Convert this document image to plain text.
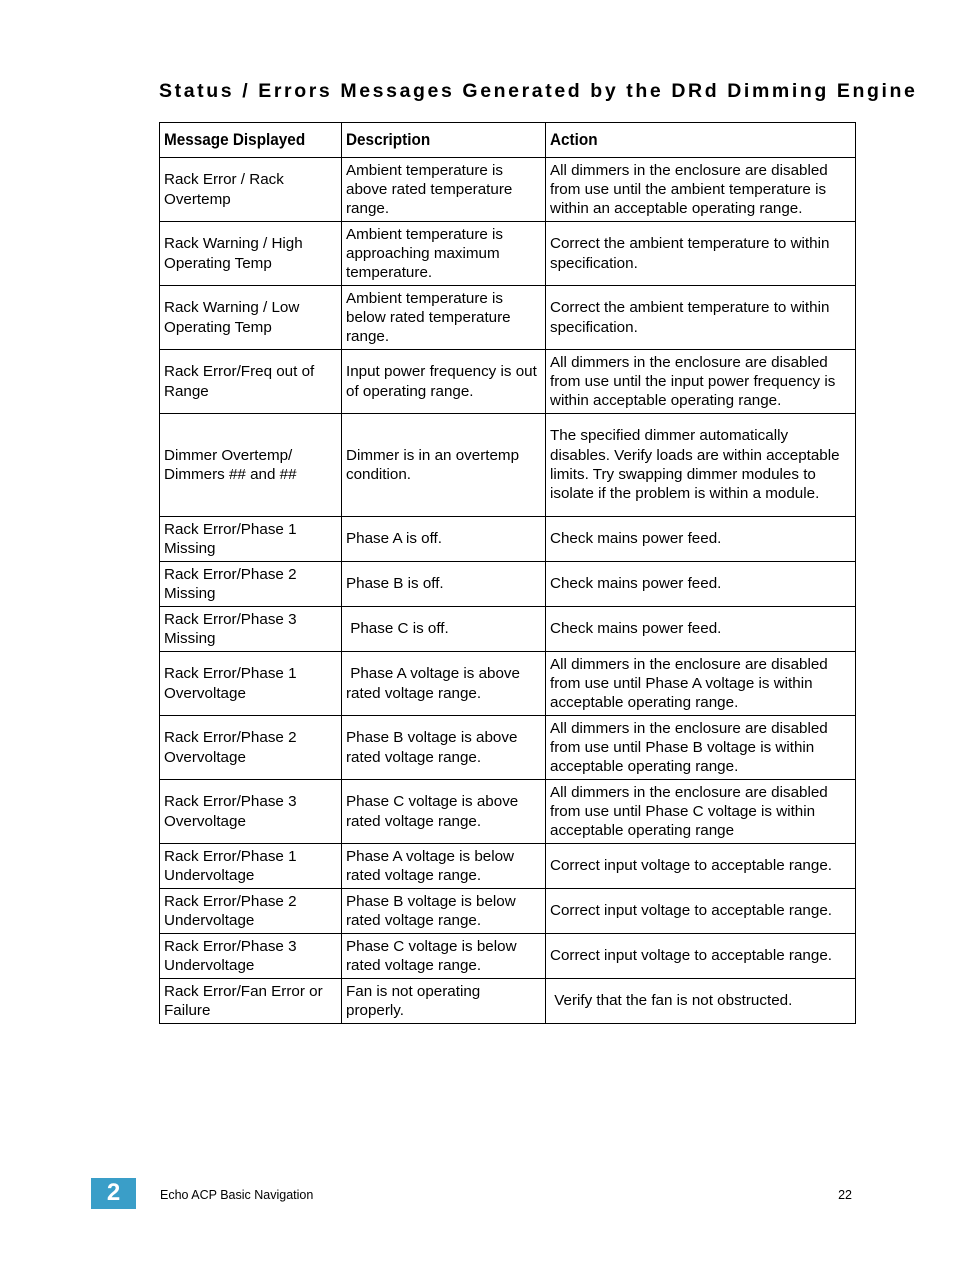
Status / Errors Messages Generated by the DRd Dimming Engine
Message Displayed	Description	Action
Rack Error / Rack Overtemp	Ambient temperature is above rated temperature range.	All dimmers in the enclosure are disabled from use until the ambient temperature is within an acceptable operating range.
Rack Warning / High Operating Temp	Ambient temperature is approaching maximum temperature.	Correct the ambient temperature to within specification.
Rack Warning / Low Operating Temp	Ambient temperature is below rated temperature range.	Correct the ambient temperature to within specification.
Rack Error/Freq out of Range	Input power frequency is out of operating range.	All dimmers in the enclosure are disabled from use until the input power frequency is within acceptable operating range.
Dimmer Overtemp/ Dimmers ## and ##	Dimmer is in an overtemp condition.	The specified dimmer automatically disables. Verify loads are within acceptable limits. Try swapping dimmer modules to isolate if the problem is within a module.
Rack Error/Phase 1 Missing	Phase A is off.	Check mains power feed.
Rack Error/Phase 2 Missing	Phase B is off.	Check mains power feed.
Rack Error/Phase 3 Missing	Phase C is off.	Check mains power feed.
Rack Error/Phase 1 Overvoltage	Phase A voltage is above rated voltage range.	All dimmers in the enclosure are disabled from use until Phase A voltage is within acceptable operating range.
Rack Error/Phase 2 Overvoltage	Phase B voltage is above rated voltage range.	All dimmers in the enclosure are disabled from use until Phase B voltage is within acceptable operating range.
Rack Error/Phase 3 Overvoltage	Phase C voltage is above rated voltage range.	All dimmers in the enclosure are disabled from use until Phase C voltage is within acceptable operating range
Rack Error/Phase 1 Undervoltage	Phase A voltage is below rated voltage range.	Correct input voltage to acceptable range.
Rack Error/Phase 2 Undervoltage	Phase B voltage is below rated voltage range.	Correct input voltage to acceptable range.
Rack Error/Phase 3 Undervoltage	Phase C voltage is below rated voltage range.	Correct input voltage to acceptable range.
Rack Error/Fan Error or Failure	Fan is not operating properly.	Verify that the fan is not obstructed.
2	Echo ACP Basic Navigation	22
